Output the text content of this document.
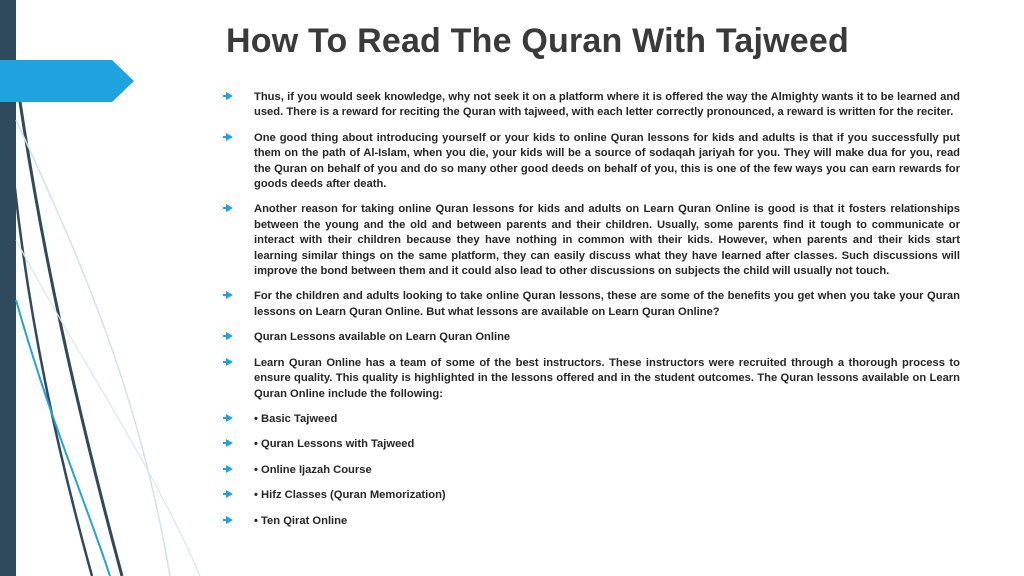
How To Read The Quran With Tajweed
Thus, if you would seek knowledge, why not seek it on a platform where it is offered the way the Almighty wants it to be learned and used. There is a reward for reciting the Quran with tajweed, with each letter correctly pronounced, a reward is written for the reciter.
One good thing about introducing yourself or your kids to online Quran lessons for kids and adults is that if you successfully put them on the path of Al-Islam, when you die, your kids will be a source of sodaqah jariyah for you. They will make dua for you, read the Quran on behalf of you and do so many other good deeds on behalf of you, this is one of the few ways you can earn rewards for goods deeds after death.
Another reason for taking online Quran lessons for kids and adults on Learn Quran Online is good is that it fosters relationships between the young and the old and between parents and their children. Usually, some parents find it tough to communicate or interact with their children because they have nothing in common with their kids. However, when parents and their kids start learning similar things on the same platform, they can easily discuss what they have learned after classes. Such discussions will improve the bond between them and it could also lead to other discussions on subjects the child will usually not touch.
For the children and adults looking to take online Quran lessons, these are some of the benefits you get when you take your Quran lessons on Learn Quran Online. But what lessons are available on Learn Quran Online?
Quran Lessons available on Learn Quran Online
Learn Quran Online has a team of some of the best instructors. These instructors were recruited through a thorough process to ensure quality. This quality is highlighted in the lessons offered and in the student outcomes. The Quran lessons available on Learn Quran Online include the following:
• Basic Tajweed
• Quran Lessons with Tajweed
• Online Ijazah Course
• Hifz Classes (Quran Memorization)
• Ten Qirat Online
